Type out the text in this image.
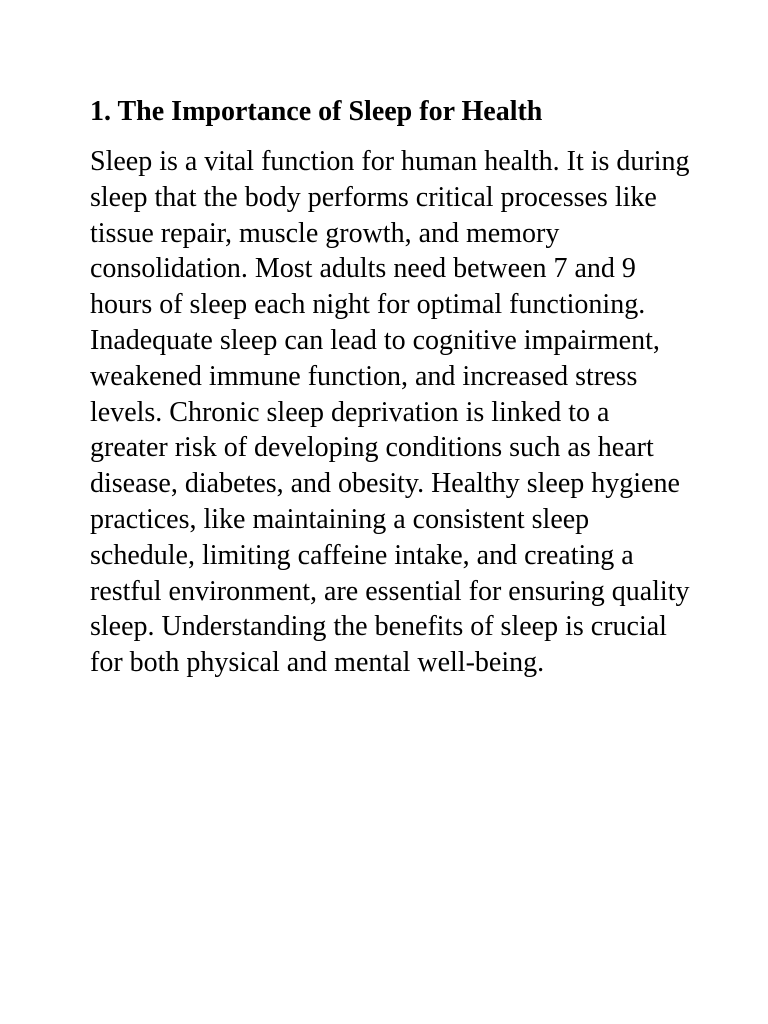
1. The Importance of Sleep for Health

Sleep is a vital function for human health. It is during sleep that the body performs critical processes like tissue repair, muscle growth, and memory consolidation. Most adults need between 7 and 9 hours of sleep each night for optimal functioning. Inadequate sleep can lead to cognitive impairment, weakened immune function, and increased stress levels. Chronic sleep deprivation is linked to a greater risk of developing conditions such as heart disease, diabetes, and obesity. Healthy sleep hygiene practices, like maintaining a consistent sleep schedule, limiting caffeine intake, and creating a restful environment, are essential for ensuring quality sleep. Understanding the benefits of sleep is crucial for both physical and mental well-being.
